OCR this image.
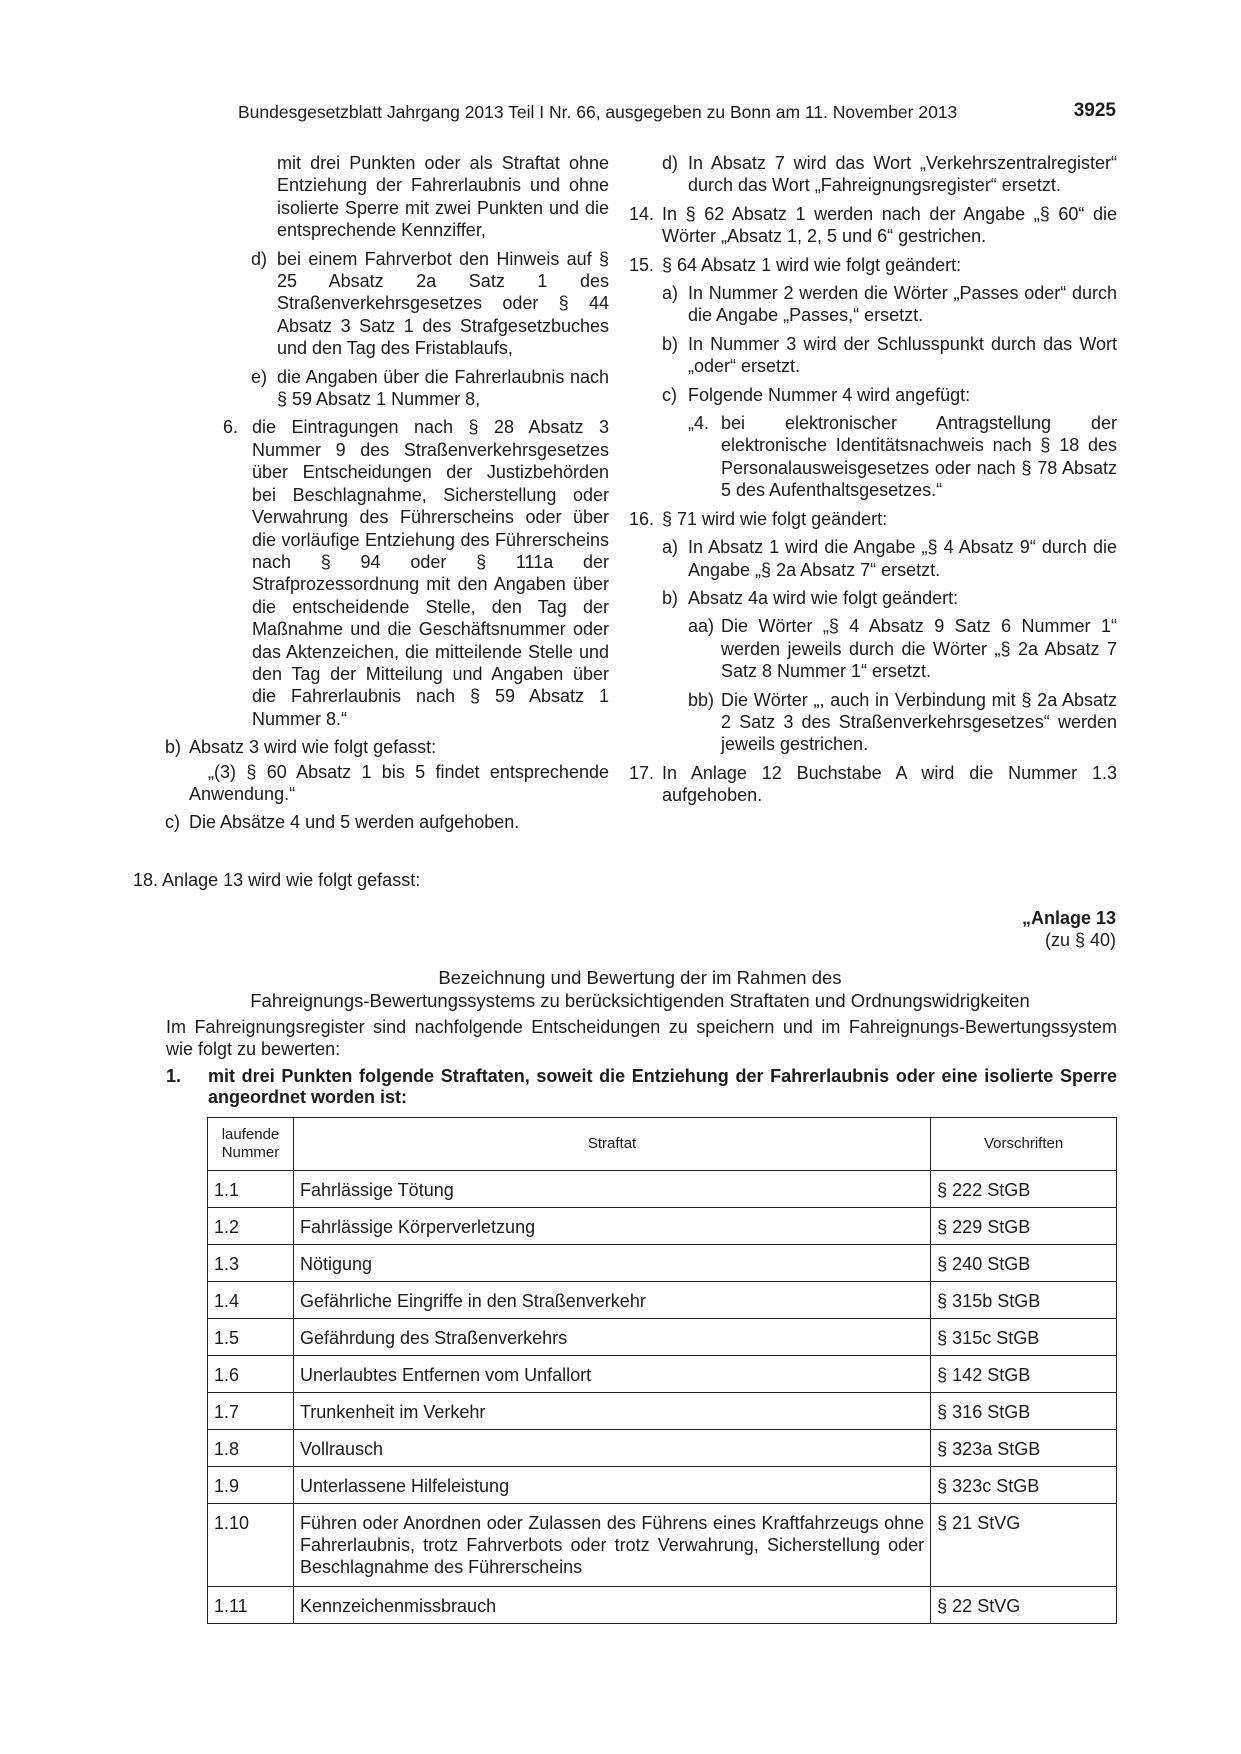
Bundesgesetzblatt Jahrgang 2013 Teil I Nr. 66, ausgegeben zu Bonn am 11. November 2013	3925
mit drei Punkten oder als Straftat ohne Entziehung der Fahrerlaubnis und ohne isolierte Sperre mit zwei Punkten und die entsprechende Kennziffer,
d) bei einem Fahrverbot den Hinweis auf § 25 Absatz 2a Satz 1 des Straßenverkehrsgesetzes oder § 44 Absatz 3 Satz 1 des Strafgesetzbuches und den Tag des Fristablaufs,
e) die Angaben über die Fahrerlaubnis nach § 59 Absatz 1 Nummer 8,
6. die Eintragungen nach § 28 Absatz 3 Nummer 9 des Straßenverkehrsgesetzes über Entscheidungen der Justizbehörden bei Beschlagnahme, Sicherstellung oder Verwahrung des Führerscheins oder über die vorläufige Entziehung des Führerscheins nach § 94 oder § 111a der Strafprozessordnung mit den Angaben über die entscheidende Stelle, den Tag der Maßnahme und die Geschäftsnummer oder das Aktenzeichen, die mitteilende Stelle und den Tag der Mitteilung und Angaben über die Fahrerlaubnis nach § 59 Absatz 1 Nummer 8.“
b) Absatz 3 wird wie folgt gefasst:
„(3) § 60 Absatz 1 bis 5 findet entsprechende Anwendung.“
c) Die Absätze 4 und 5 werden aufgehoben.
d) In Absatz 7 wird das Wort „Verkehrszentralregister“ durch das Wort „Fahreignungsregister“ ersetzt.
14. In § 62 Absatz 1 werden nach der Angabe „§ 60“ die Wörter „Absatz 1, 2, 5 und 6“ gestrichen.
15. § 64 Absatz 1 wird wie folgt geändert:
a) In Nummer 2 werden die Wörter „Passes oder“ durch die Angabe „Passes,“ ersetzt.
b) In Nummer 3 wird der Schlusspunkt durch das Wort „oder“ ersetzt.
c) Folgende Nummer 4 wird angefügt:
„4. bei elektronischer Antragstellung der elektronische Identitätsnachweis nach § 18 des Personalausweisgesetzes oder nach § 78 Absatz 5 des Aufenthaltsgesetzes.“
16. § 71 wird wie folgt geändert:
a) In Absatz 1 wird die Angabe „§ 4 Absatz 9“ durch die Angabe „§ 2a Absatz 7“ ersetzt.
b) Absatz 4a wird wie folgt geändert:
aa) Die Wörter „§ 4 Absatz 9 Satz 6 Nummer 1“ werden jeweils durch die Wörter „§ 2a Absatz 7 Satz 8 Nummer 1“ ersetzt.
bb) Die Wörter „, auch in Verbindung mit § 2a Absatz 2 Satz 3 des Straßenverkehrsgesetzes“ werden jeweils gestrichen.
17. In Anlage 12 Buchstabe A wird die Nummer 1.3 aufgehoben.
18. Anlage 13 wird wie folgt gefasst:
„Anlage 13
(zu § 40)
Bezeichnung und Bewertung der im Rahmen des
Fahreignungs-Bewertungssystems zu berücksichtigenden Straftaten und Ordnungswidrigkeiten
Im Fahreignungsregister sind nachfolgende Entscheidungen zu speichern und im Fahreignungs-Bewertungssystem wie folgt zu bewerten:
1. mit drei Punkten folgende Straftaten, soweit die Entziehung der Fahrerlaubnis oder eine isolierte Sperre angeordnet worden ist:
laufende
Nummer	Straftat	Vorschriften
1.1	Fahrlässige Tötung	§ 222 StGB
1.2	Fahrlässige Körperverletzung	§ 229 StGB
1.3	Nötigung	§ 240 StGB
1.4	Gefährliche Eingriffe in den Straßenverkehr	§ 315b StGB
1.5	Gefährdung des Straßenverkehrs	§ 315c StGB
1.6	Unerlaubtes Entfernen vom Unfallort	§ 142 StGB
1.7	Trunkenheit im Verkehr	§ 316 StGB
1.8	Vollrausch	§ 323a StGB
1.9	Unterlassene Hilfeleistung	§ 323c StGB
1.10	Führen oder Anordnen oder Zulassen des Führens eines Kraftfahrzeugs ohne Fahrerlaubnis, trotz Fahrverbots oder trotz Verwahrung, Sicherstellung oder Beschlagnahme des Führerscheins	§ 21 StVG
1.11	Kennzeichenmissbrauch	§ 22 StVG
